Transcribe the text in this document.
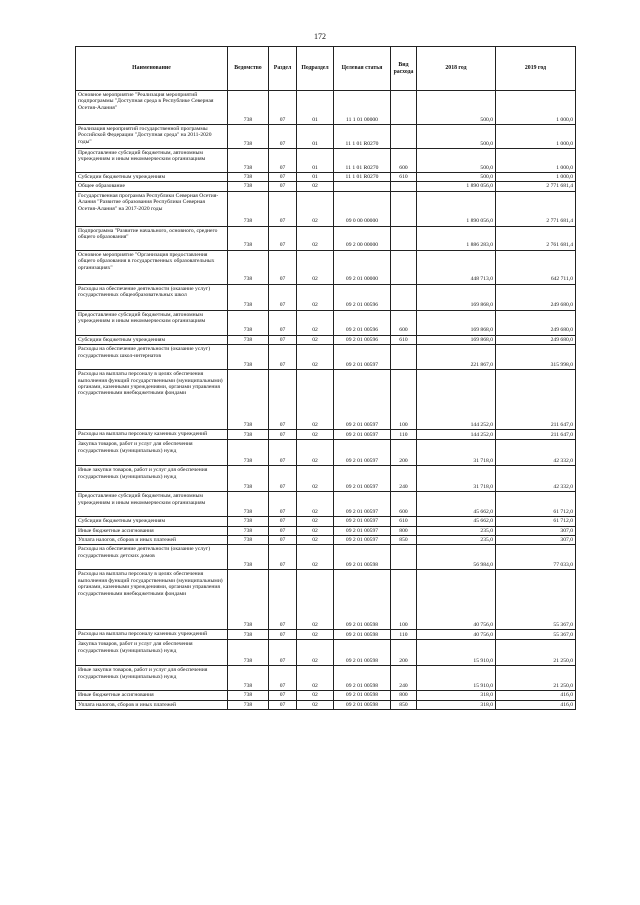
172
Наименование	Ведомство	Раздел	Подраздел	Целевая статья	Вид расхода	2018 год	2019 год
Основное мероприятие "Реализация мероприятий подпрограммы "Доступная среда в Республике Северная Осетия-Алания"	738	07	01	11 1 01 00000		500,0	1 000,0
Реализация мероприятий государственной программы Российской Федерации "Доступная среда" на 2011-2020 годы"	738	07	01	11 1 01 R0270		500,0	1 000,0
Предоставление субсидий бюджетным, автономным учреждениям и иным некоммерческим организациям	738	07	01	11 1 01 R0270	600	500,0	1 000,0
Субсидии бюджетным учреждениям	738	07	01	11 1 01 R0270	610	500,0	1 000,0
Общее образование	738	07	02			1 890 056,0	2 771 681,4
Государственная программа Республики Северная Осетия-Алания "Развитие образования Республики Северная Осетия-Алания" на 2017-2020 годы	738	07	02	09 0 00 00000		1 890 056,0	2 771 681,4
Подпрограмма "Развитие начального, основного, среднего общего образования"	738	07	02	09 2 00 00000		1 886 283,0	2 761 681,4
Основное мероприятие "Организация предоставления общего образования в государственных образовательных организациях"	738	07	02	09 2 01 00000		448 713,0	642 711,0
Расходы на обеспечение деятельности (оказание услуг) государственных общеобразовательных школ	738	07	02	09 2 01 00596		169 868,0	249 680,0
Предоставление субсидий бюджетным, автономным учреждениям и иным некоммерческим организациям	738	07	02	09 2 01 00596	600	169 868,0	249 680,0
Субсидии бюджетным учреждениям	738	07	02	09 2 01 00596	610	169 868,0	249 680,0
Расходы на обеспечение деятельности (оказание услуг) государственных школ-интернатов	738	07	02	09 2 01 00597		221 867,0	315 998,0
Расходы на выплаты персоналу в целях обеспечения выполнения функций государственными (муниципальными) органами, казенными учреждениями, органами управления государственными внебюджетными фондами	738	07	02	09 2 01 00597	100	144 252,0	211 647,0
Расходы на выплаты персоналу казенных учреждений	738	07	02	09 2 01 00597	110	144 252,0	211 647,0
Закупка товаров, работ и услуг для обеспечения государственных (муниципальных) нужд	738	07	02	09 2 01 00597	200	31 718,0	42 332,0
Иные закупки товаров, работ и услуг для обеспечения государственных (муниципальных) нужд	738	07	02	09 2 01 00597	240	31 718,0	42 332,0
Предоставление субсидий бюджетным, автономным учреждениям и иным некоммерческим организациям	738	07	02	09 2 01 00597	600	45 662,0	61 712,0
Субсидии бюджетным учреждениям	738	07	02	09 2 01 00597	610	45 662,0	61 712,0
Иные бюджетные ассигнования	738	07	02	09 2 01 00597	800	235,0	307,0
Уплата налогов, сборов и иных платежей	738	07	02	09 2 01 00597	850	235,0	307,0
Расходы на обеспечение деятельности (оказание услуг) государственных детских домов	738	07	02	09 2 01 00598		56 984,0	77 033,0
Расходы на выплаты персоналу в целях обеспечения выполнения функций государственными (муниципальными) органами, казенными учреждениями, органами управления государственными внебюджетными фондами	738	07	02	09 2 01 00598	100	40 756,0	55 367,0
Расходы на выплаты персоналу казенных учреждений	738	07	02	09 2 01 00598	110	40 756,0	55 367,0
Закупка товаров, работ и услуг для обеспечения государственных (муниципальных) нужд	738	07	02	09 2 01 00598	200	15 910,0	21 250,0
Иные закупки товаров, работ и услуг для обеспечения государственных (муниципальных) нужд	738	07	02	09 2 01 00598	240	15 910,0	21 250,0
Иные бюджетные ассигнования	738	07	02	09 2 01 00598	800	318,0	416,0
Уплата налогов, сборов и иных платежей	738	07	02	09 2 01 00598	850	318,0	416,0
